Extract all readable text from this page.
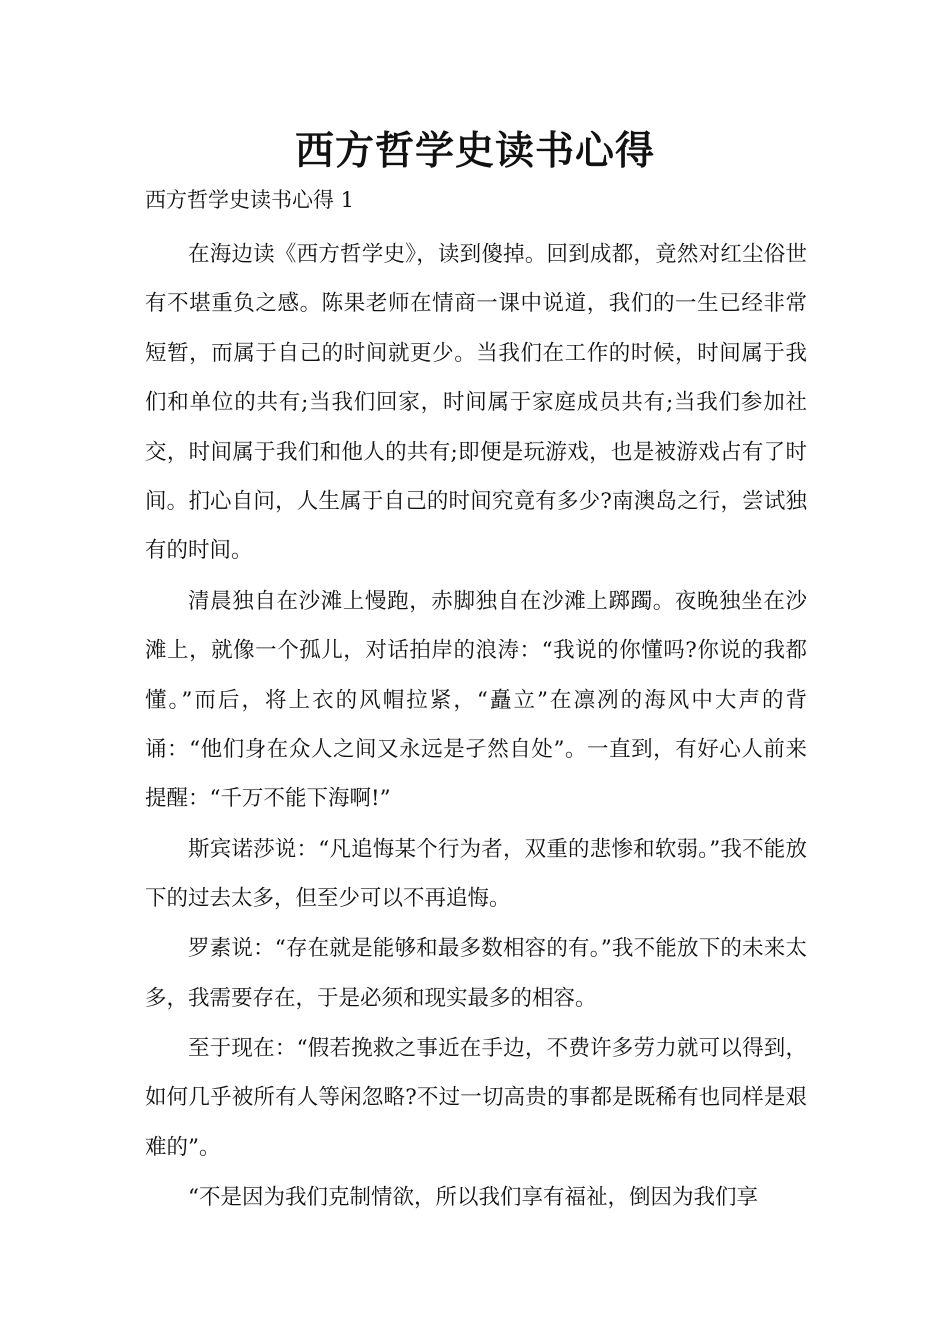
西方哲学史读书心得
西方哲学史读书心得 1

在海边读《西方哲学史》，读到傻掉。回到成都，竟然对红尘俗世有不堪重负之感。陈果老师在情商一课中说道，我们的一生已经非常短暂，而属于自己的时间就更少。当我们在工作的时候，时间属于我们和单位的共有;当我们回家，时间属于家庭成员共有;当我们参加社交，时间属于我们和他人的共有;即便是玩游戏，也是被游戏占有了时间。扪心自问，人生属于自己的时间究竟有多少?南澳岛之行，尝试独有的时间。

清晨独自在沙滩上慢跑，赤脚独自在沙滩上踯躅。夜晚独坐在沙滩上，就像一个孤儿，对话拍岸的浪涛：“我说的你懂吗?你说的我都懂。”而后，将上衣的风帽拉紧，“矗立”在凛冽的海风中大声的背诵：“他们身在众人之间又永远是孑然自处”。一直到，有好心人前来提醒：“千万不能下海啊!”

斯宾诺莎说：“凡追悔某个行为者，双重的悲惨和软弱。”我不能放下的过去太多，但至少可以不再追悔。

罗素说：“存在就是能够和最多数相容的有。”我不能放下的未来太多，我需要存在，于是必须和现实最多的相容。

至于现在：“假若挽救之事近在手边，不费许多劳力就可以得到，如何几乎被所有人等闲忽略?不过一切高贵的事都是既稀有也同样是艰难的”。

“不是因为我们克制情欲，所以我们享有福祉，倒因为我们享
